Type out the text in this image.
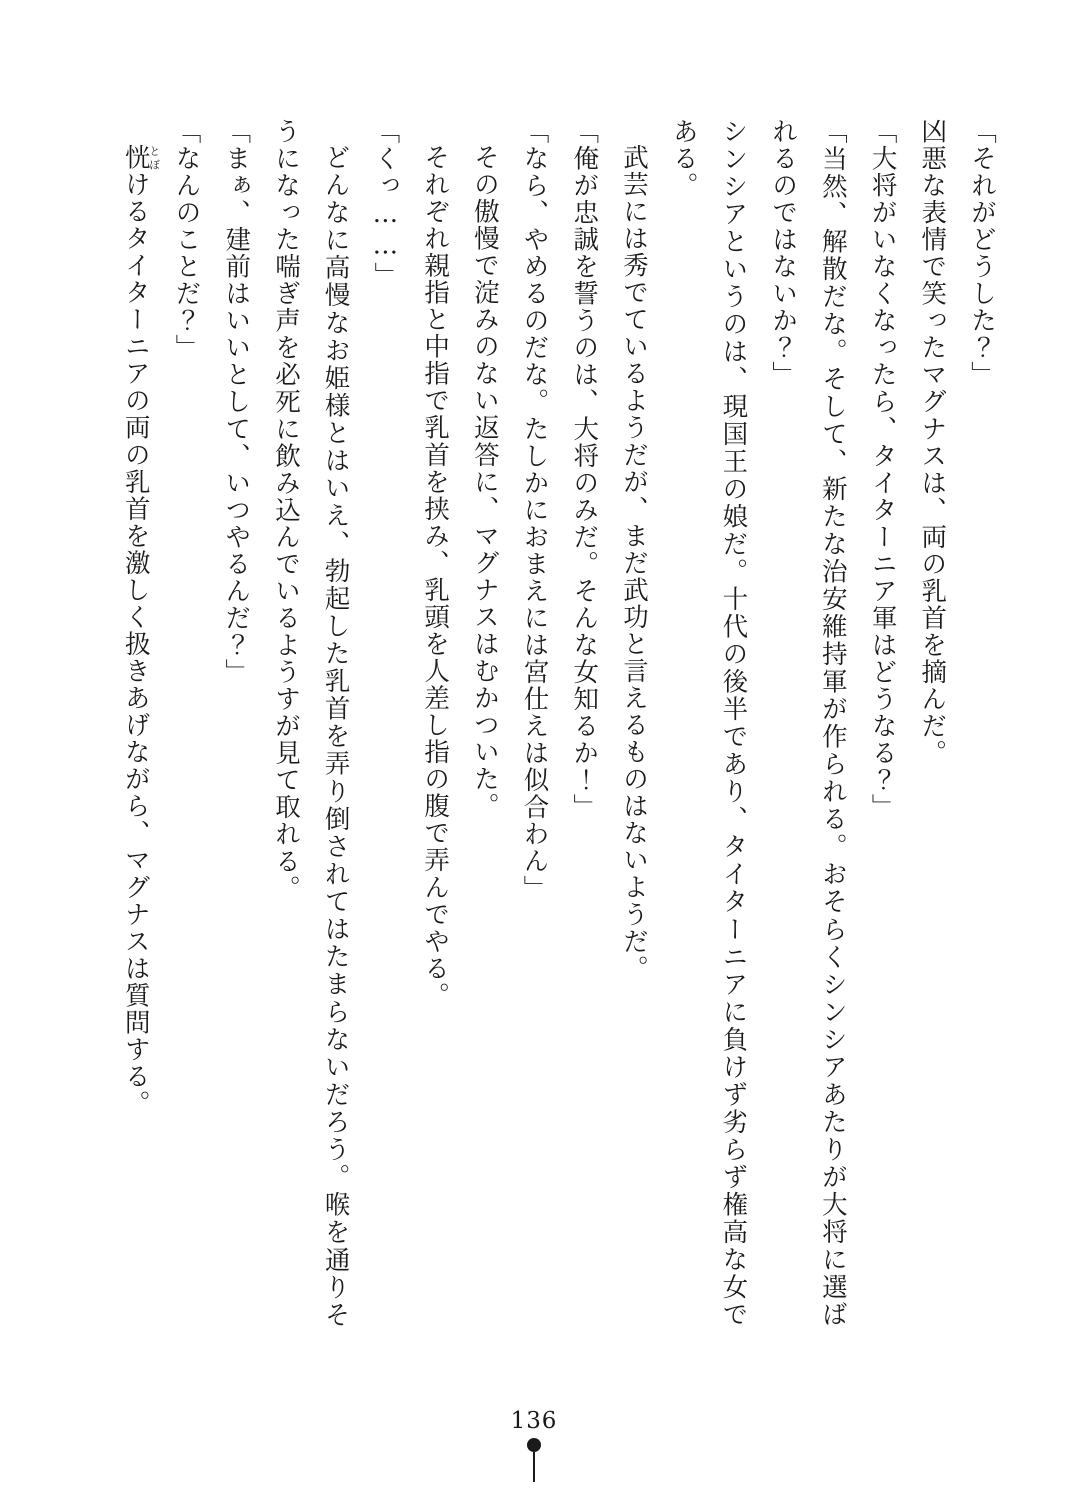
「それがどうした？」

凶悪な表情で笑ったマグナスは、両の乳首を摘んだ。

「大将がいなくなったら、タイターニア軍はどうなる？」

「当然、解散だな。そして、新たな治安維持軍が作られる。おそらくシンシアあたりが大将に選ばれるのではないか？」

シンシアというのは、現国王の娘だ。十代の後半であり、タイターニアに負けず劣らず権高な女である。

武芸には秀でているようだが、まだ武功と言えるものはないようだ。

「俺が忠誠を誓うのは、大将のみだ。そんな女知るか！」

「なら、やめるのだな。たしかにおまえには宮仕えは似合わん」

その傲慢で淀みのない返答に、マグナスはむかついた。

それぞれ親指と中指で乳首を挟み、乳頭を人差し指の腹で弄んでやる。

「くっ……」

どんなに高慢なお姫様とはいえ、勃起した乳首を弄り倒されてはたまらないだろう。喉を通りそうになった喘ぎ声を必死に飲み込んでいるようすが見て取れる。

「まぁ、建前はいいとして、いつやるんだ？」

「なんのことだ？」

恍とぼけるタイターニアの両の乳首を激しく扱きあげながら、マグナスは質問する。

136
